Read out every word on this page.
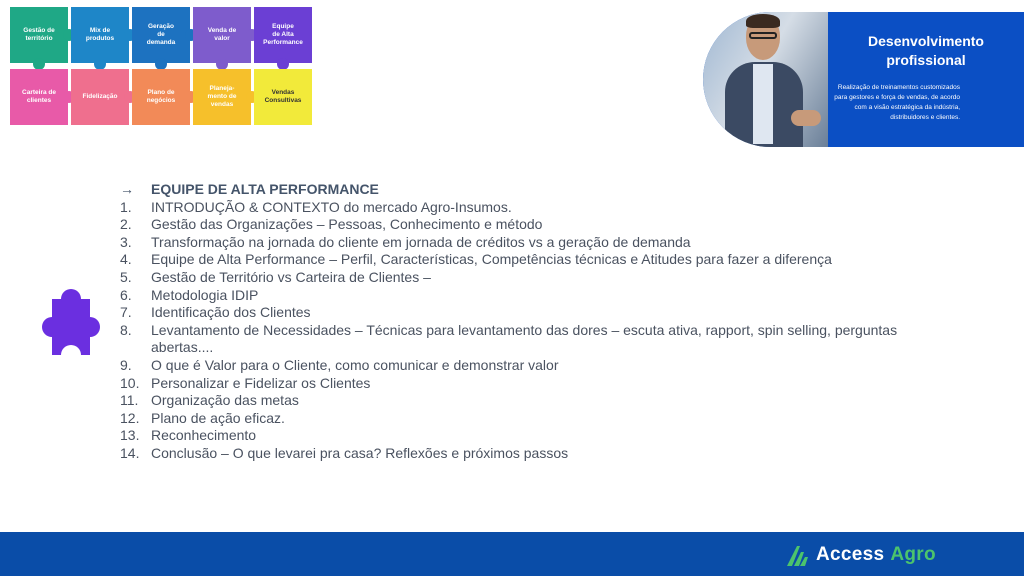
Gestão de
território
Mix de
produtos
Geração
de
demanda
Venda de
valor
Equipe
de Alta
Performance
Carteira de
clientes
Fidelização
Plano de
negócios
Planeja-
mento de
vendas
Vendas
Consultivas
Desenvolvimento
profissional
Realização de treinamentos customizados para gestores e força de vendas, de acordo com a visão estratégica da indústria, distribuidores e clientes.
→	EQUIPE DE ALTA PERFORMANCE
1.	INTRODUÇÃO & CONTEXTO do mercado Agro-Insumos.
2.	Gestão das Organizações – Pessoas, Conhecimento e método
3.	Transformação na jornada do cliente em jornada de créditos vs a geração de demanda
4.	Equipe de Alta Performance – Perfil, Características, Competências técnicas e Atitudes para fazer a diferença
5.	Gestão de Território vs Carteira de Clientes –
6.	Metodologia IDIP
7.	Identificação dos Clientes
8.	Levantamento de Necessidades – Técnicas para levantamento das dores – escuta ativa, rapport, spin selling, perguntas abertas....
9.	O que é Valor para o Cliente, como comunicar e demonstrar valor
10. Personalizar e Fidelizar os Clientes
11. Organização das metas
12. Plano de ação eficaz.
13. Reconhecimento
14. Conclusão – O que levarei pra casa? Reflexões e próximos passos
Access Agro
